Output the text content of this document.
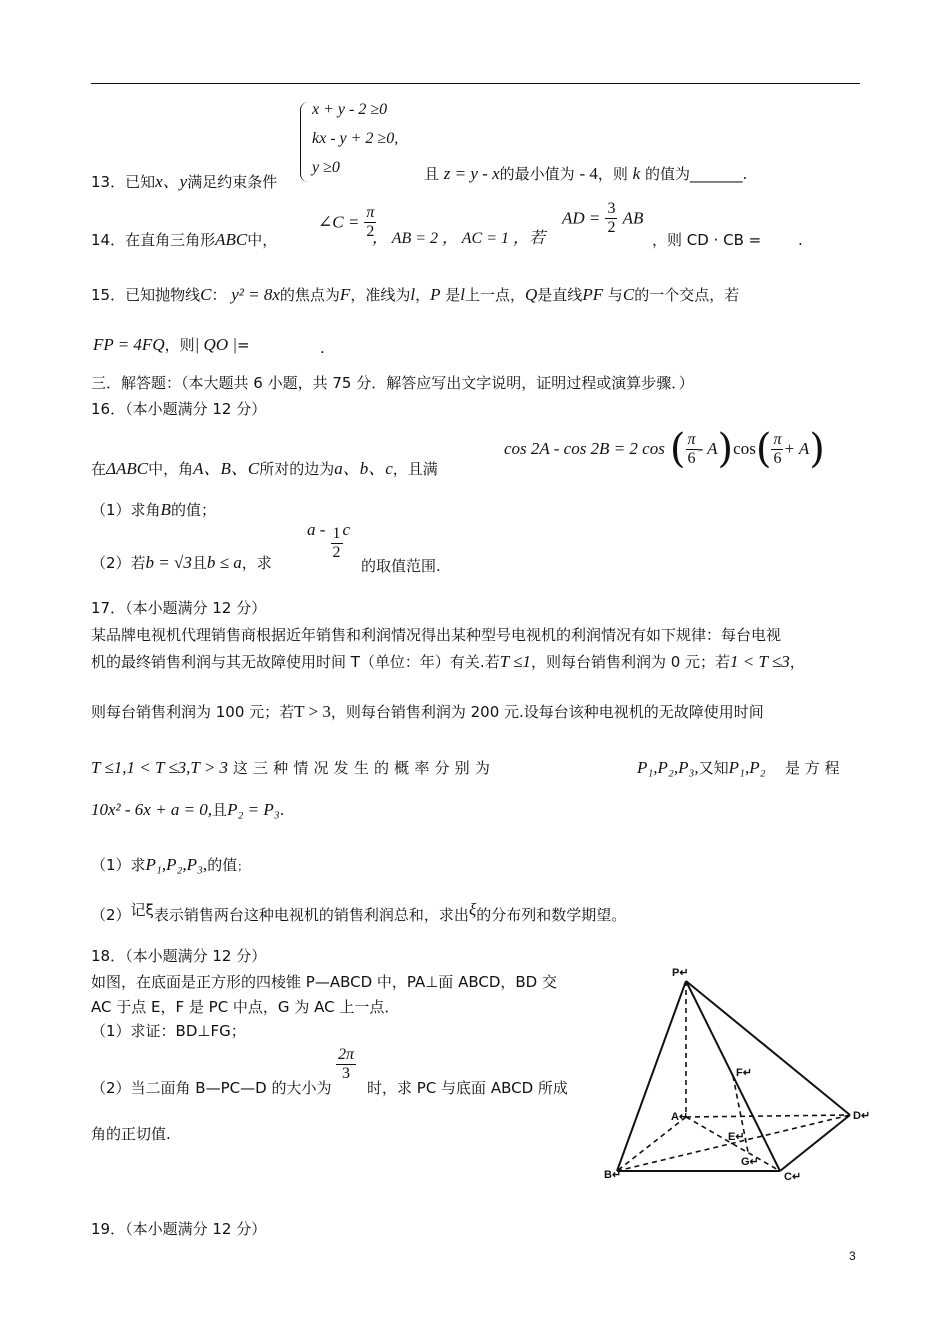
x + y - 2 ≥0
kx - y + 2 ≥0,
y ≥0
13．已知x、y满足约束条件	且 z = y - x的最小值为 - 4，则 k 的值为_______.
14．在直角三角形ABC中，
∠C = $\frac{\pi}{2}$
， AB = 2 ， AC = 1 ，若
AD = $\frac{3}{2}$ AB
，则 CD · CB = .
15．已知抛物线C： y² = 8x的焦点为F，准线为l，P 是l上一点，Q是直线PF 与C的一个交点，若
FP = 4FQ，则| QO |=	.
三．解答题：（本大题共 6 小题，共 75 分．解答应写出文字说明，证明过程或演算步骤．）
16．（本小题满分 12 分）
cos 2A - cos 2B = 2 cos ( $\frac{\pi}{6} - A)\cos( \frac{\pi}{6} + A)$
在ΔABC中，角A、B、C所对的边为a、b、c，且满
（1）求角B的值；
（2）若b = √3且b ≤ a，求
a - $\frac{1}{2}$ c
的取值范围.
17．（本小题满分 12 分）
某品牌电视机代理销售商根据近年销售和利润情况得出某种型号电视机的利润情况有如下规律：每台电视
机的最终销售利润与其无故障使用时间 T（单位：年）有关.若T ≤1，则每台销售利润为 0 元；若1 < T ≤3，
则每台销售利润为 100 元；若T > 3，则每台销售利润为 200 元.设每台该种电视机的无故障使用时间
T ≤1,1 < T ≤3,T > 3 这 三 种 情 况 发 生 的 概 率 分 别 为	P₁,P₂,P₃,又知P₁,P₂ 是 方 程
10x² - 6x + a = 0,且P₂ = P₃.
（1）求P₁,P₂,P₃,的值；
（2）记ξ表示销售两台这种电视机的销售利润总和，求出ξ的分布列和数学期望。
18．（本小题满分 12 分）
如图，在底面是正方形的四棱锥 P—ABCD 中，PA⊥面 ABCD，BD 交
AC 于点 E，F 是 PC 中点，G 为 AC 上一点．
（1）求证：BD⊥FG；
（2）当二面角 B—PC—D 的大小为
$\frac{2\pi}{3}$
时，求 PC 与底面 ABCD 所成
角的正切值.
P↵
F↵
A↵
E↵
G↵
B↵	C↵
D↵
19．（本小题满分 12 分）
3
